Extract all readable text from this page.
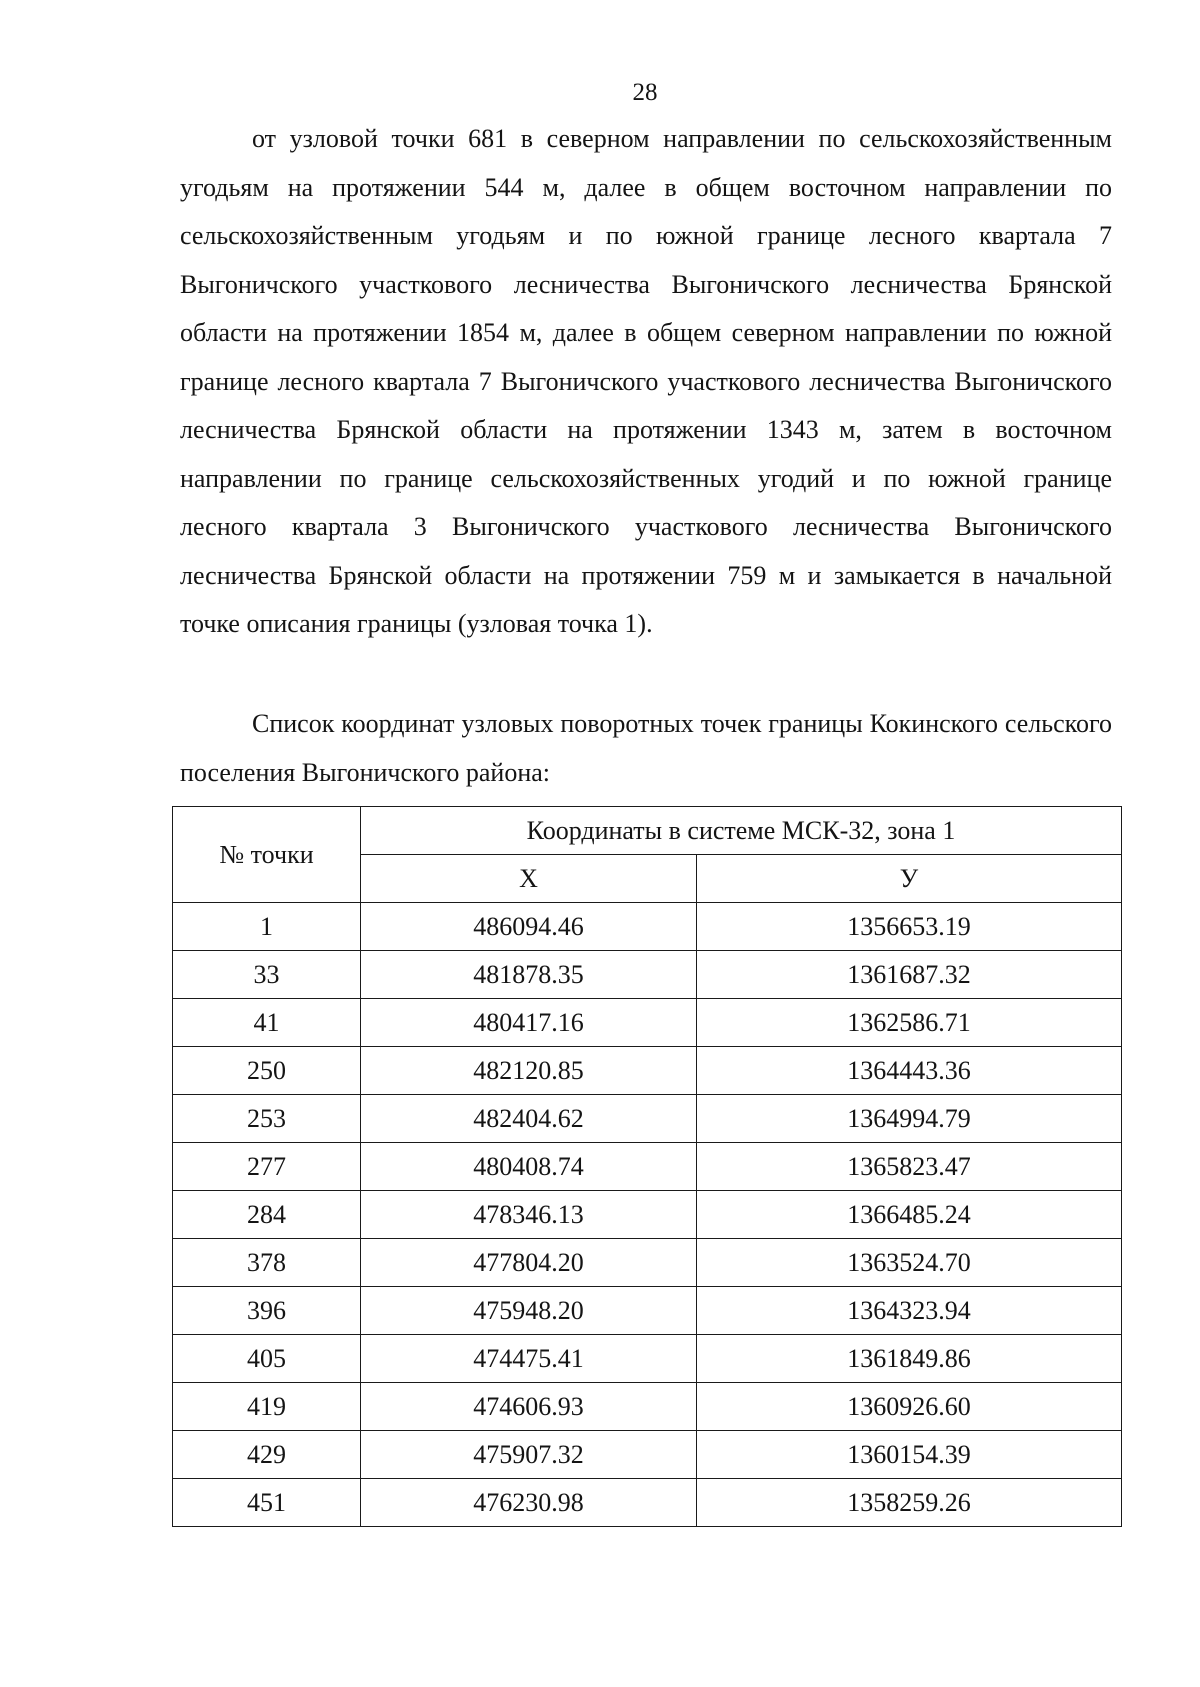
28

от узловой точки 681 в северном направлении по сельскохозяйственным угодьям на протяжении 544 м, далее в общем восточном направлении по сельскохозяйственным угодьям и по южной границе лесного квартала 7 Выгоничского участкового лесничества Выгоничского лесничества Брянской области на протяжении 1854 м, далее в общем северном направлении по южной границе лесного квартала 7 Выгоничского участкового лесничества Выгоничского лесничества Брянской области на протяжении 1343 м, затем в восточном направлении по границе сельскохозяйственных угодий и по южной границе лесного квартала 3 Выгоничского участкового лесничества Выгоничского лесничества Брянской области на протяжении 759 м и замыкается в начальной точке описания границы (узловая точка 1).

Список координат узловых поворотных точек границы Кокинского сельского поселения Выгоничского района:

№ точки	Координаты в системе МСК-32, зона 1	
	X	У
1	486094.46	1356653.19
33	481878.35	1361687.32
41	480417.16	1362586.71
250	482120.85	1364443.36
253	482404.62	1364994.79
277	480408.74	1365823.47
284	478346.13	1366485.24
378	477804.20	1363524.70
396	475948.20	1364323.94
405	474475.41	1361849.86
419	474606.93	1360926.60
429	475907.32	1360154.39
451	476230.98	1358259.26
